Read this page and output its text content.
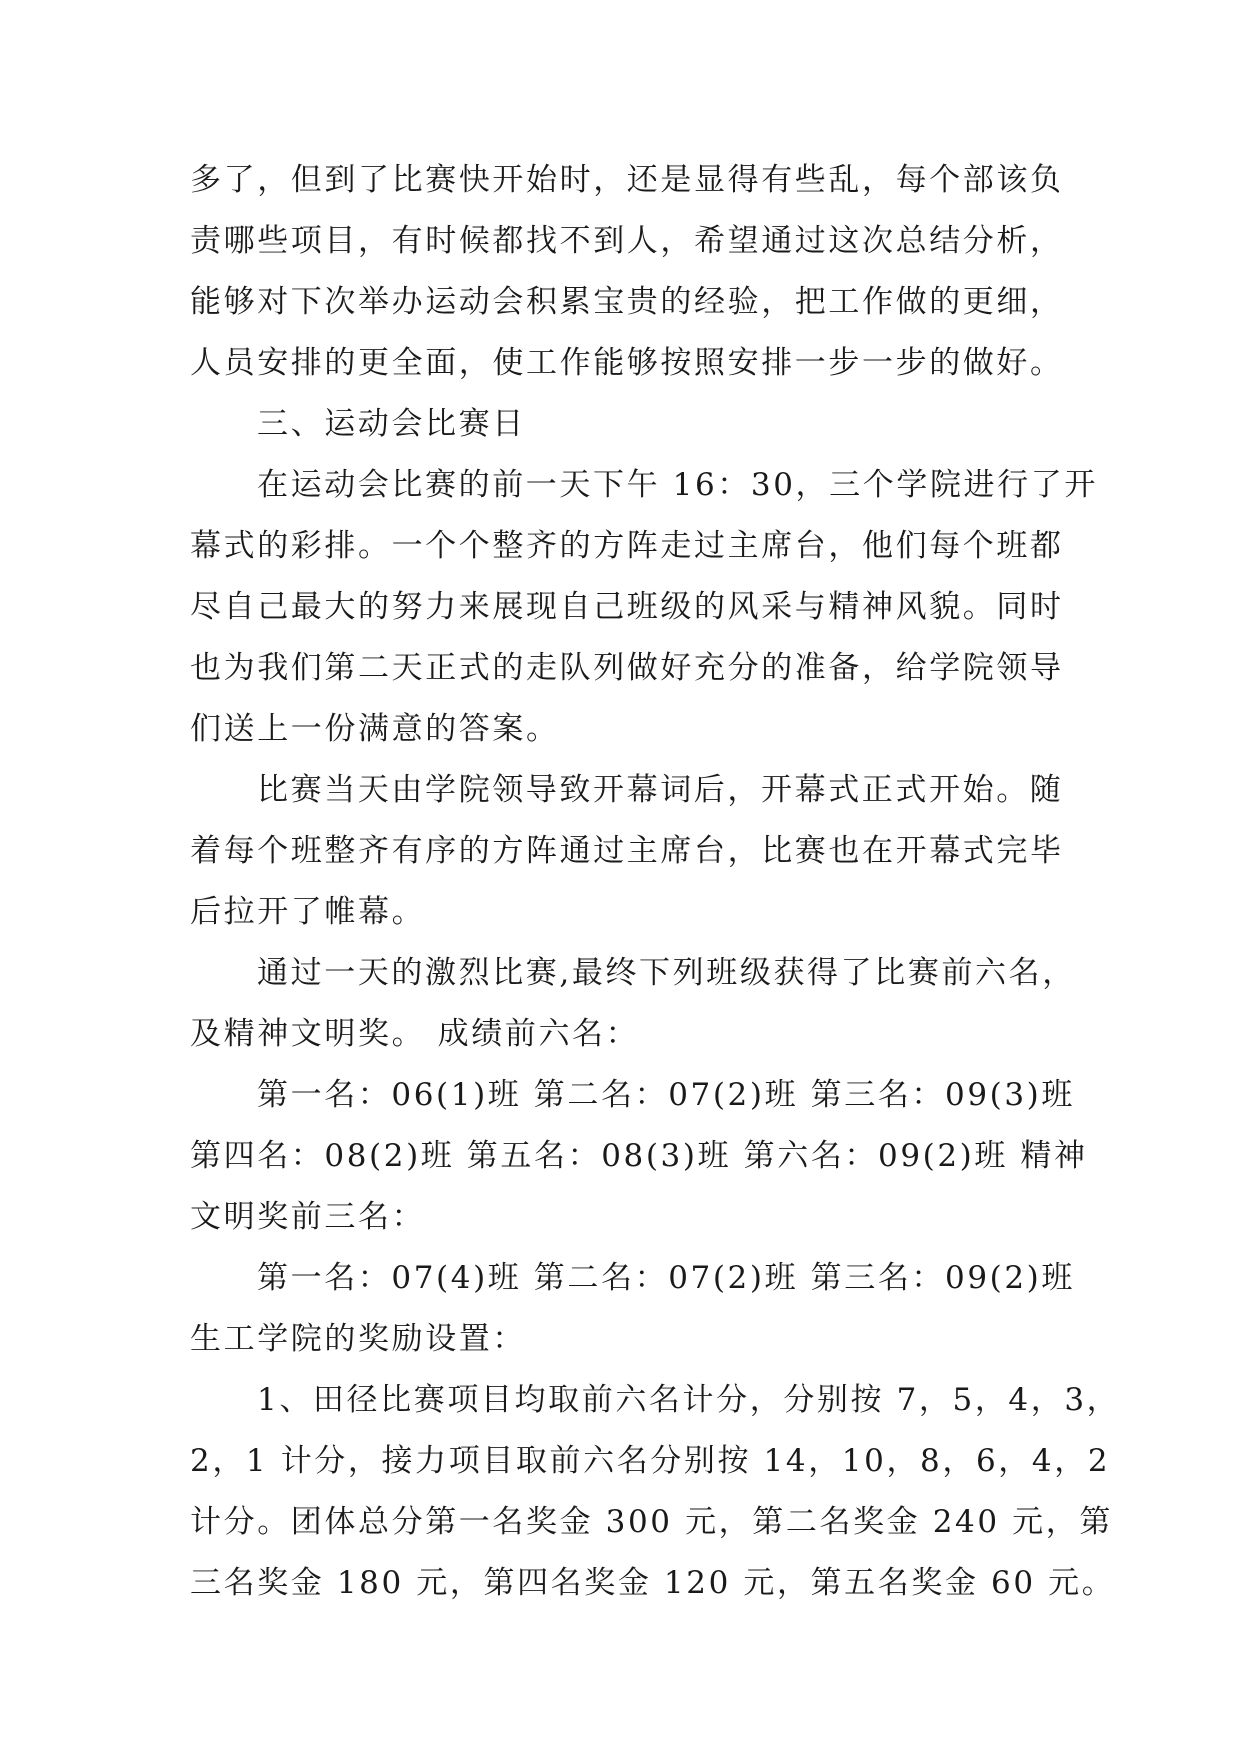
多了，但到了比赛快开始时，还是显得有些乱，每个部该负
责哪些项目，有时候都找不到人，希望通过这次总结分析，
能够对下次举办运动会积累宝贵的经验，把工作做的更细，
人员安排的更全面，使工作能够按照安排一步一步的做好。
三、运动会比赛日
在运动会比赛的前一天下午 16：30，三个学院进行了开
幕式的彩排。一个个整齐的方阵走过主席台，他们每个班都
尽自己最大的努力来展现自己班级的风采与精神风貌。同时
也为我们第二天正式的走队列做好充分的准备，给学院领导
们送上一份满意的答案。
比赛当天由学院领导致开幕词后，开幕式正式开始。随
着每个班整齐有序的方阵通过主席台，比赛也在开幕式完毕
后拉开了帷幕。
通过一天的激烈比赛,最终下列班级获得了比赛前六名，
及精神文明奖。 成绩前六名：
第一名：06(1)班 第二名：07(2)班 第三名：09(3)班
第四名：08(2)班 第五名：08(3)班 第六名：09(2)班 精神
文明奖前三名：
第一名：07(4)班 第二名：07(2)班 第三名：09(2)班
生工学院的奖励设置：
1、田径比赛项目均取前六名计分，分别按 7，5，4，3，
2，1 计分，接力项目取前六名分别按 14，10，8，6，4，2
计分。团体总分第一名奖金 300 元，第二名奖金 240 元，第
三名奖金 180 元，第四名奖金 120 元，第五名奖金 60 元。
